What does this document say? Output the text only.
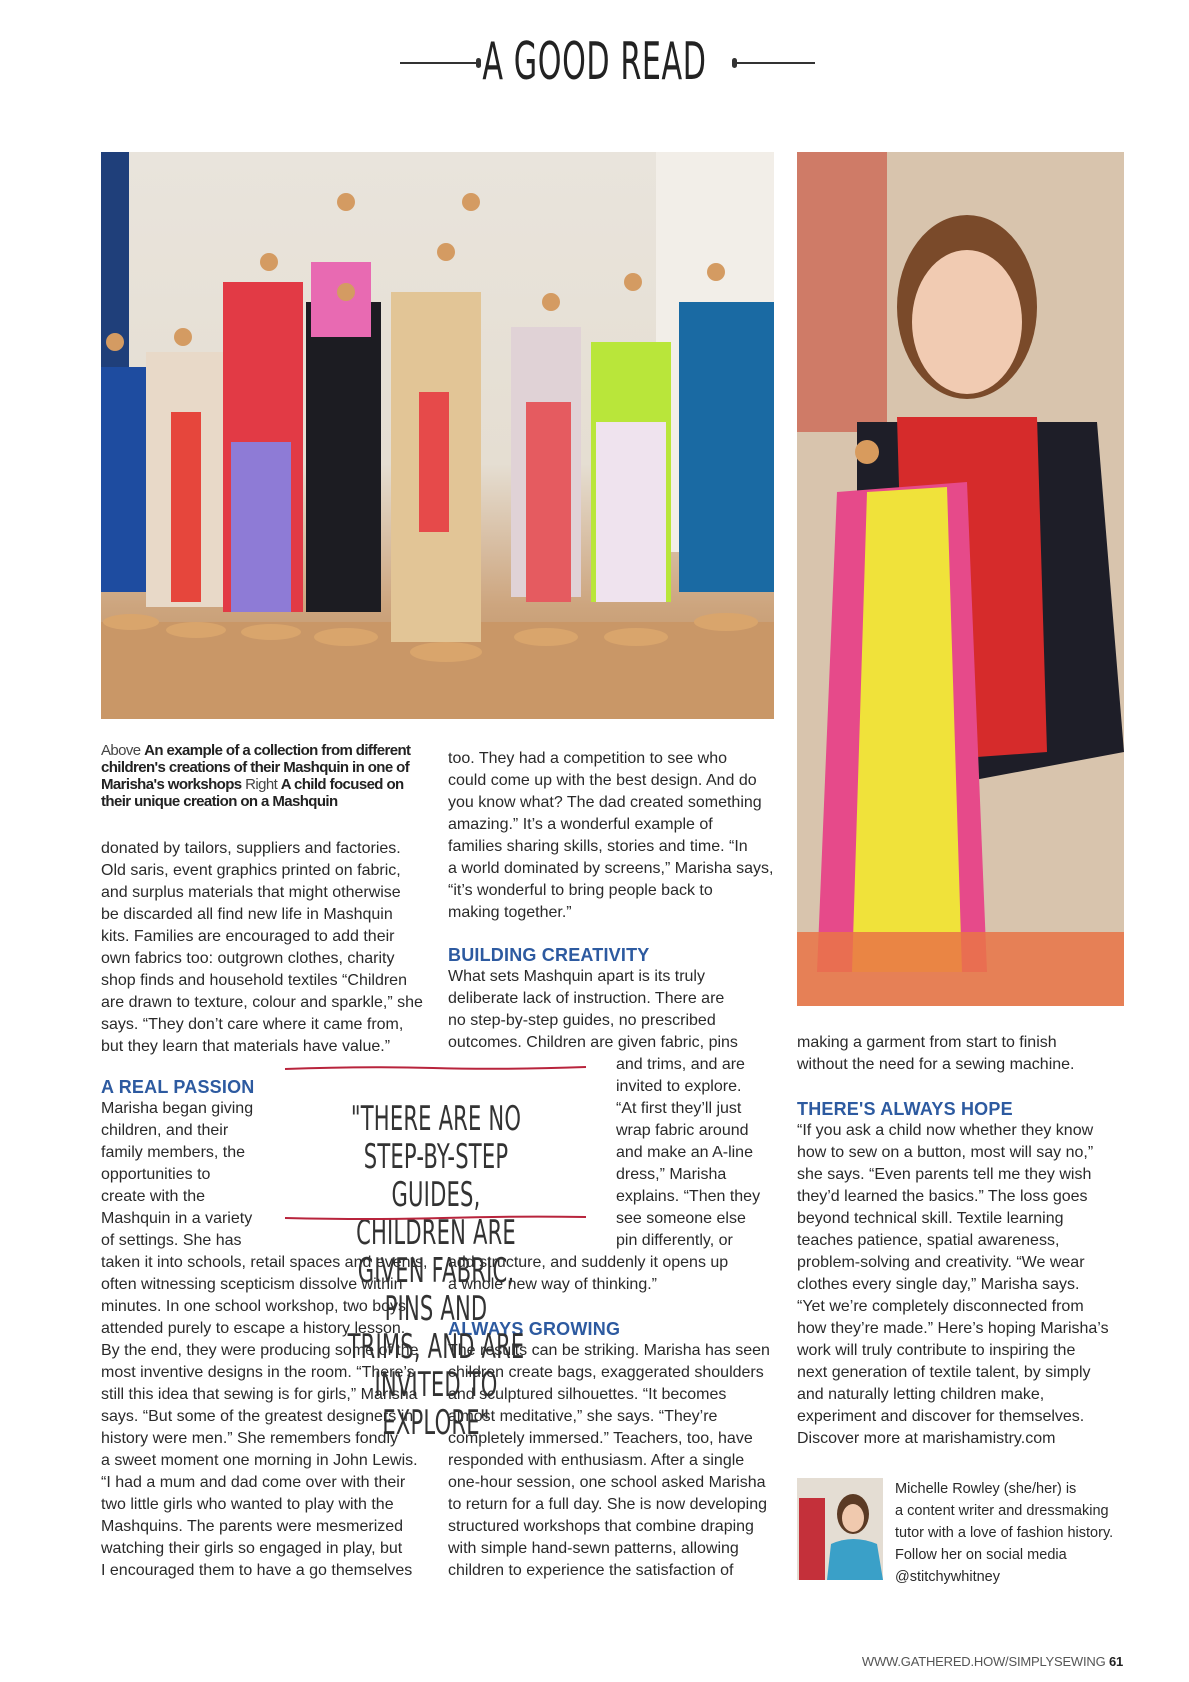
A GOOD READ
Above An example of a collection from different children's creations of their Mashquin in one of Marisha's workshops Right A child focused on their unique creation on a Mashquin

donated by tailors, suppliers and factories.

Old saris, event graphics printed on fabric,

and surplus materials that might otherwise

be discarded all find new life in Mashquin

kits. Families are encouraged to add their

own fabrics too: outgrown clothes, charity

shop finds and household textiles “Children

are drawn to texture, colour and sparkle,” she

says. “They don’t care where it came from,

but they learn that materials have value.”

A REAL PASSION

Marisha began giving

children, and their

family members, the

opportunities to

create with the

Mashquin in a variety

of settings. She has

taken it into schools, retail spaces and events,

often witnessing scepticism dissolve within

minutes. In one school workshop, two boys

attended purely to escape a history lesson.

By the end, they were producing some of the

most inventive designs in the room. “There’s

still this idea that sewing is for girls,” Marisha

says. “But some of the greatest designers in

history were men.” She remembers fondly

a sweet moment one morning in John Lewis.

“I had a mum and dad come over with their

two little girls who wanted to play with the

Mashquins. The parents were mesmerized

watching their girls so engaged in play, but

I encouraged them to have a go themselves

too. They had a competition to see who

could come up with the best design. And do

you know what? The dad created something

amazing.” It’s a wonderful example of

families sharing skills, stories and time. “In

a world dominated by screens,” Marisha says,

“it’s wonderful to bring people back to

making together.”

BUILDING CREATIVITY

What sets Mashquin apart is its truly

deliberate lack of instruction. There are

no step-by-step guides, no prescribed

outcomes. Children are given fabric, pins

and trims, and are

invited to explore.

“At first they’ll just

wrap fabric around

and make an A-line

dress,” Marisha

explains. “Then they

see someone else

pin differently, or

add structure, and suddenly it opens up

a whole new way of thinking.”

ALWAYS GROWING

The results can be striking. Marisha has seen

children create bags, exaggerated shoulders

and sculptured silhouettes. “It becomes

almost meditative,” she says. “They’re

completely immersed.” Teachers, too, have

responded with enthusiasm. After a single

one-hour session, one school asked Marisha

to return for a full day. She is now developing

structured workshops that combine draping

with simple hand-sewn patterns, allowing

children to experience the satisfaction of

"THERE ARE NO STEP-BY-STEP GUIDES,
CHILDREN ARE GIVEN FABRIC, PINS AND
TRIMS, AND ARE INVITED TO EXPLORE"

making a garment from start to finish

without the need for a sewing machine.

THERE'S ALWAYS HOPE

“If you ask a child now whether they know

how to sew on a button, most will say no,”

she says. “Even parents tell me they wish

they’d learned the basics.” The loss goes

beyond technical skill. Textile learning

teaches patience, spatial awareness,

problem-solving and creativity. “We wear

clothes every single day,” Marisha says.

“Yet we’re completely disconnected from

how they’re made.” Here’s hoping Marisha’s

work will truly contribute to inspiring the

next generation of textile talent, by simply

and naturally letting children make,

experiment and discover for themselves.

Discover more at marishamistry.com

Michelle Rowley (she/her) is
a content writer and dressmaking
tutor with a love of fashion history.
Follow her on social media
@stitchywhitney
WWW.GATHERED.HOW/SIMPLYSEWING 61
